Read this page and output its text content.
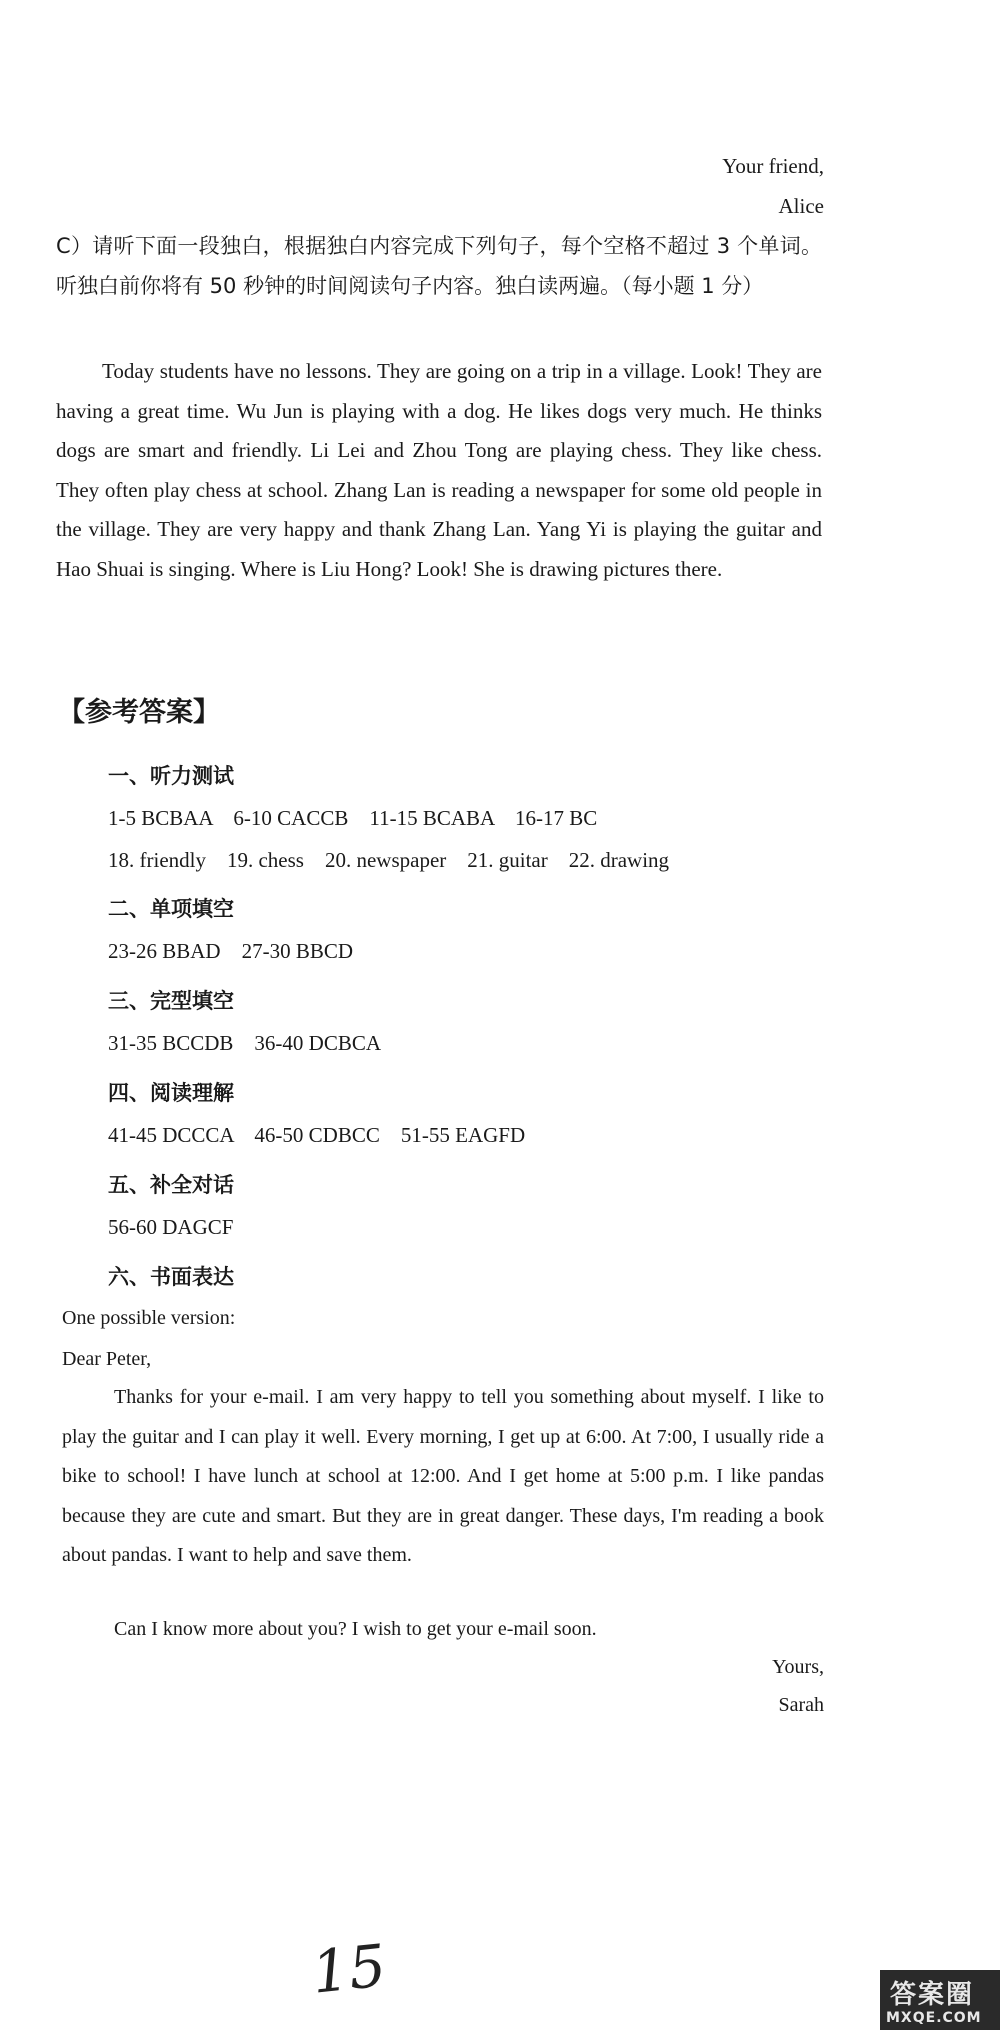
Your friend,
Alice
C）请听下面一段独白，根据独白内容完成下列句子，每个空格不超过 3 个单词。听独白前你将有 50 秒钟的时间阅读句子内容。独白读两遍。（每小题 1 分）
Today students have no lessons. They are going on a trip in a village. Look! They are having a great time. Wu Jun is playing with a dog. He likes dogs very much. He thinks dogs are smart and friendly. Li Lei and Zhou Tong are playing chess. They like chess. They often play chess at school. Zhang Lan is reading a newspaper for some old people in the village. They are very happy and thank Zhang Lan. Yang Yi is playing the guitar and Hao Shuai is singing. Where is Liu Hong? Look! She is drawing pictures there.
【参考答案】
一、听力测试
1-5 BCBAA    6-10 CACCB    11-15 BCABA    16-17 BC
18. friendly    19. chess    20. newspaper    21. guitar    22. drawing
二、单项填空
23-26 BBAD    27-30 BBCD
三、完型填空
31-35 BCCDB    36-40 DCBCA
四、阅读理解
41-45 DCCCA    46-50 CDBCC    51-55 EAGFD
五、补全对话
56-60 DAGCF
六、书面表达
One possible version:
Dear Peter,
Thanks for your e-mail. I am very happy to tell you something about myself. I like to play the guitar and I can play it well. Every morning, I get up at 6:00. At 7:00, I usually ride a bike to school! I have lunch at school at 12:00. And I get home at 5:00 p.m. I like pandas because they are cute and smart. But they are in great danger. These days, I'm reading a book about pandas. I want to help and save them.
Can I know more about you? I wish to get your e-mail soon.
Yours,
Sarah
15	答案圈
MXQE.COM
